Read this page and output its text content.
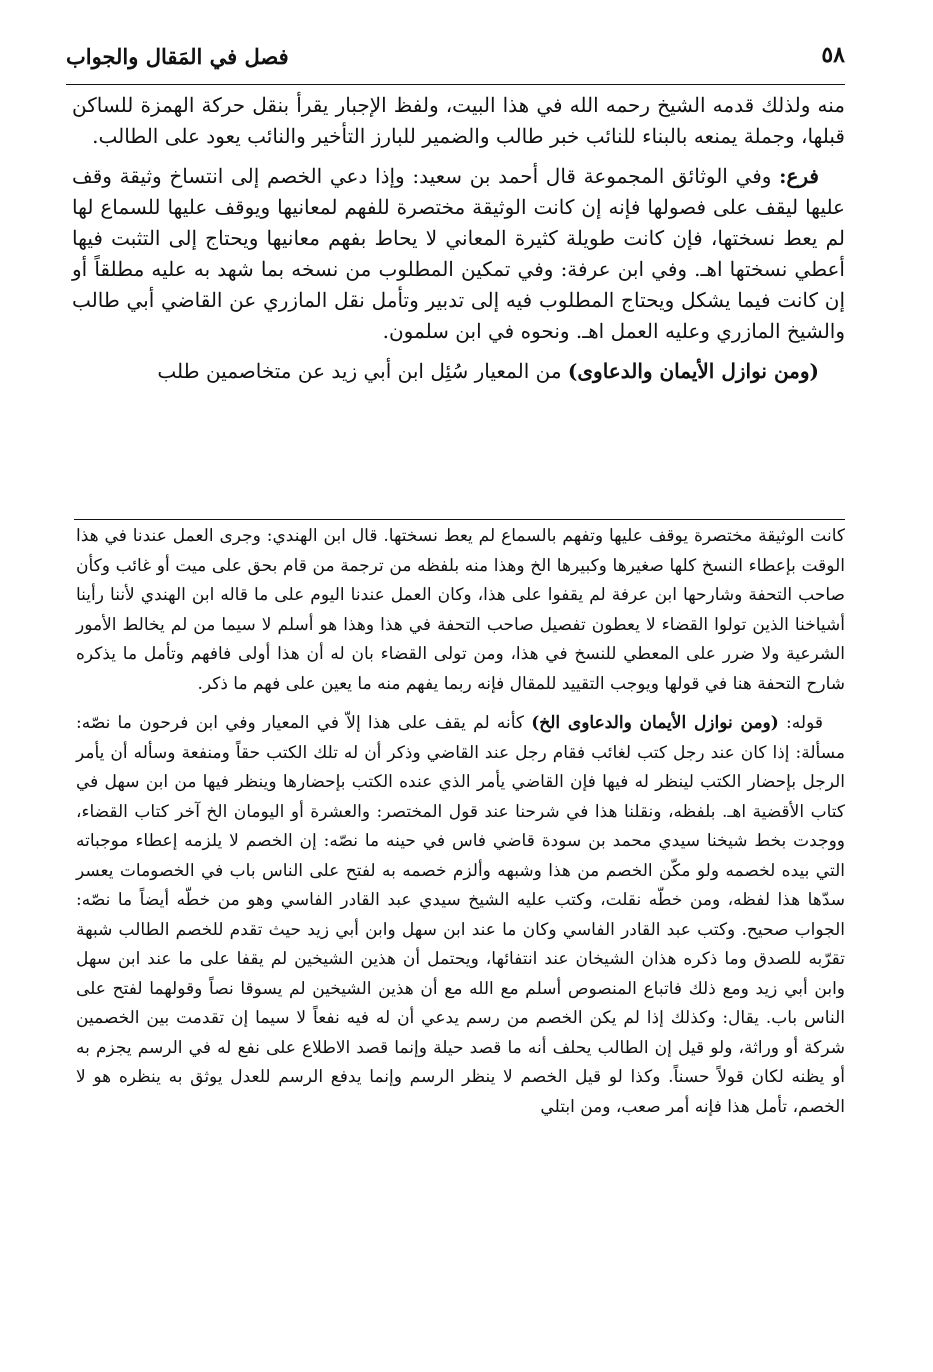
٥٨
فصل في المَقال والجواب

منه ولذلك قدمه الشيخ رحمه الله في هذا البيت، ولفظ الإجبار يقرأ بنقل حركة الهمزة للساكن قبلها، وجملة يمنعه بالبناء للنائب خبر طالب والضمير للبارز التأخير والنائب يعود على الطالب.

فرع: وفي الوثائق المجموعة قال أحمد بن سعيد: وإذا دعي الخصم إلى انتساخ وثيقة وقف عليها ليقف على فصولها فإنه إن كانت الوثيقة مختصرة للفهم لمعانيها ويوقف عليها للسماع لها لم يعط نسختها، فإن كانت طويلة كثيرة المعاني لا يحاط بفهم معانيها ويحتاج إلى التثبت فيها أعطي نسختها اهـ. وفي ابن عرفة: وفي تمكين المطلوب من نسخه بما شهد به عليه مطلقاً أو إن كانت فيما يشكل ويحتاج المطلوب فيه إلى تدبير وتأمل نقل المازري عن القاضي أبي طالب والشيخ المازري وعليه العمل اهـ. ونحوه في ابن سلمون.

(ومن نوازل الأيمان والدعاوى) من المعيار سُئِل ابن أبي زيد عن متخاصمين طلب

كانت الوثيقة مختصرة يوقف عليها وتفهم بالسماع لم يعط نسختها. قال ابن الهندي: وجرى العمل عندنا في هذا الوقت بإعطاء النسخ كلها صغيرها وكبيرها الخ وهذا منه بلفظه من ترجمة من قام بحق على ميت أو غائب وكأن صاحب التحفة وشارحها ابن عرفة لم يقفوا على هذا، وكان العمل عندنا اليوم على ما قاله ابن الهندي لأننا رأينا أشياخنا الذين تولوا القضاء لا يعطون تفصيل صاحب التحفة في هذا وهذا هو أسلم لا سيما من لم يخالط الأمور الشرعية ولا ضرر على المعطي للنسخ في هذا، ومن تولى القضاء بان له أن هذا أولى فافهم وتأمل ما يذكره شارح التحفة هنا في قولها ويوجب التقييد للمقال فإنه ربما يفهم منه ما يعين على فهم ما ذكر.

قوله: (ومن نوازل الأيمان والدعاوى الخ) كأنه لم يقف على هذا إلاّ في المعيار وفي ابن فرحون ما نصّه: مسألة: إذا كان عند رجل كتب لغائب فقام رجل عند القاضي وذكر أن له تلك الكتب حقاً ومنفعة وسأله أن يأمر الرجل بإحضار الكتب لينظر له فيها فإن القاضي يأمر الذي عنده الكتب بإحضارها وينظر فيها من ابن سهل في كتاب الأقضية اهـ. بلفظه، ونقلنا هذا في شرحنا عند قول المختصر: والعشرة أو اليومان الخ آخر كتاب القضاء، ووجدت بخط شيخنا سيدي محمد بن سودة قاضي فاس في حينه ما نصّه: إن الخصم لا يلزمه إعطاء موجباته التي بيده لخصمه ولو مكّن الخصم من هذا وشبهه وألزم خصمه به لفتح على الناس باب في الخصومات يعسر سدّها هذا لفظه، ومن خطّه نقلت، وكتب عليه الشيخ سيدي عبد القادر الفاسي وهو من خطّه أيضاً ما نصّه: الجواب صحيح. وكتب عبد القادر الفاسي وكان ما عند ابن سهل وابن أبي زيد حيث تقدم للخصم الطالب شبهة تقرّبه للصدق وما ذكره هذان الشيخان عند انتفائها، ويحتمل أن هذين الشيخين لم يقفا على ما عند ابن سهل وابن أبي زيد ومع ذلك فاتباع المنصوص أسلم مع الله مع أن هذين الشيخين لم يسوقا نصاً وقولهما لفتح على الناس باب. يقال: وكذلك إذا لم يكن الخصم من رسم يدعي أن له فيه نفعاً لا سيما إن تقدمت بين الخصمين شركة أو وراثة، ولو قيل إن الطالب يحلف أنه ما قصد حيلة وإنما قصد الاطلاع على نفع له في الرسم يجزم به أو يظنه لكان قولاً حسناً. وكذا لو قيل الخصم لا ينظر الرسم وإنما يدفع الرسم للعدل يوثق به ينظره هو لا الخصم، تأمل هذا فإنه أمر صعب، ومن ابتلي
